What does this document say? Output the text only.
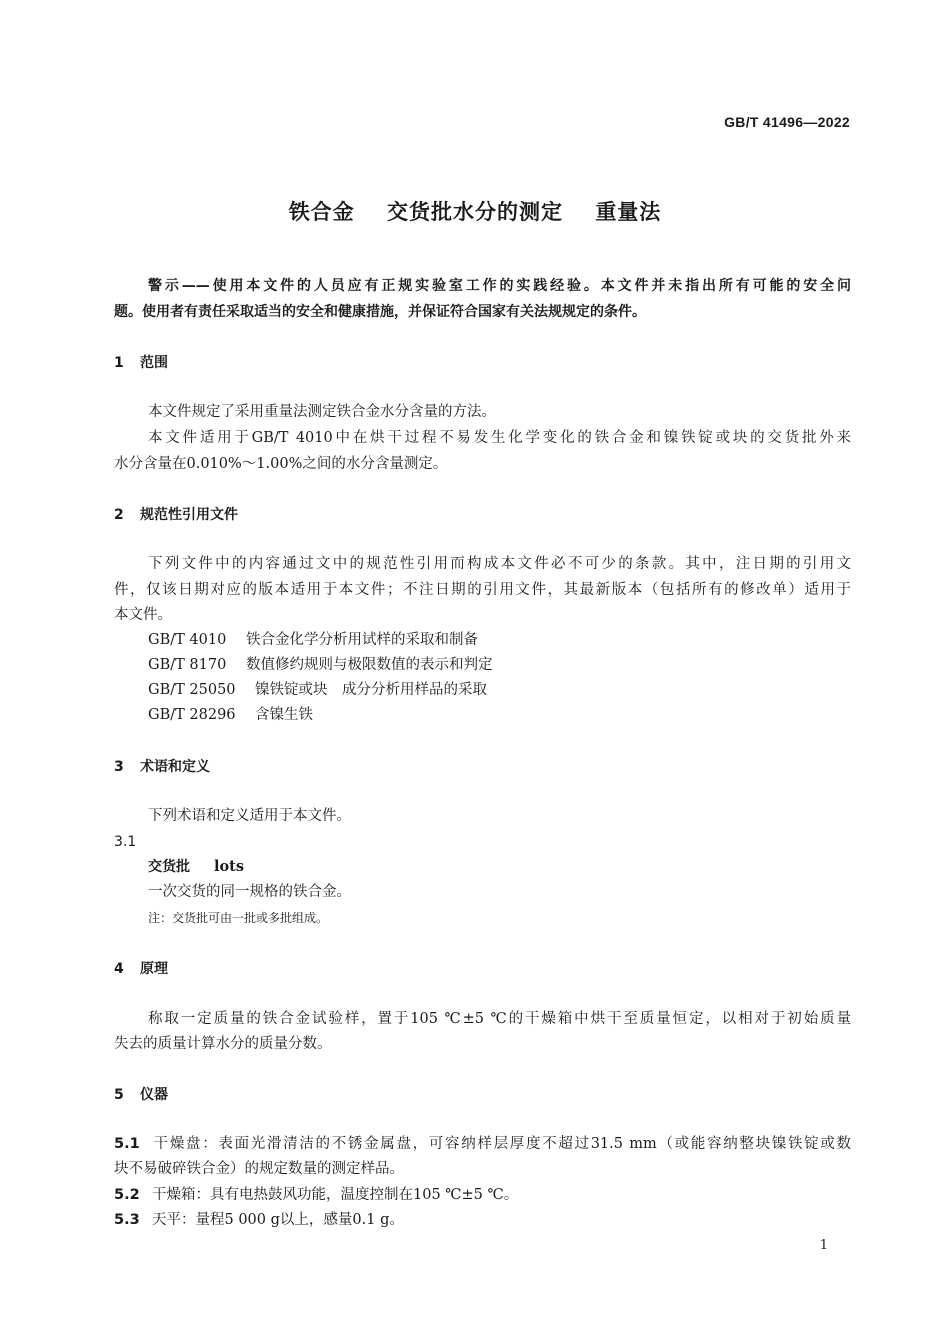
GB/T 41496—2022
铁合金 交货批水分的测定 重量法
警示——使用本文件的人员应有正规实验室工作的实践经验。本文件并未指出所有可能的安全问
题。使用者有责任采取适当的安全和健康措施，并保证符合国家有关法规规定的条件。
1 范围
本文件规定了采用重量法测定铁合金水分含量的方法。
本文件适用于GB/T 4010中在烘干过程不易发生化学变化的铁合金和镍铁锭或块的交货批外来
水分含量在0.010%～1.00%之间的水分含量测定。
2 规范性引用文件
下列文件中的内容通过文中的规范性引用而构成本文件必不可少的条款。其中，注日期的引用文
件，仅该日期对应的版本适用于本文件；不注日期的引用文件，其最新版本（包括所有的修改单）适用于
本文件。
GB/T 4010 铁合金化学分析用试样的采取和制备
GB/T 8170 数值修约规则与极限数值的表示和判定
GB/T 25050 镍铁锭或块　成分分析用样品的采取
GB/T 28296 含镍生铁
3 术语和定义
下列术语和定义适用于本文件。
3.1
交货批 lots
一次交货的同一规格的铁合金。
注：交货批可由一批或多批组成。
4 原理
称取一定质量的铁合金试验样，置于105 ℃±5 ℃的干燥箱中烘干至质量恒定，以相对于初始质量
失去的质量计算水分的质量分数。
5 仪器
5.1 干燥盘：表面光滑清洁的不锈金属盘，可容纳样层厚度不超过31.5 mm（或能容纳整块镍铁锭或数
块不易破碎铁合金）的规定数量的测定样品。
5.2 干燥箱：具有电热鼓风功能，温度控制在105 ℃±5 ℃。
5.3 天平：量程5 000 g以上，感量0.1 g。
1
